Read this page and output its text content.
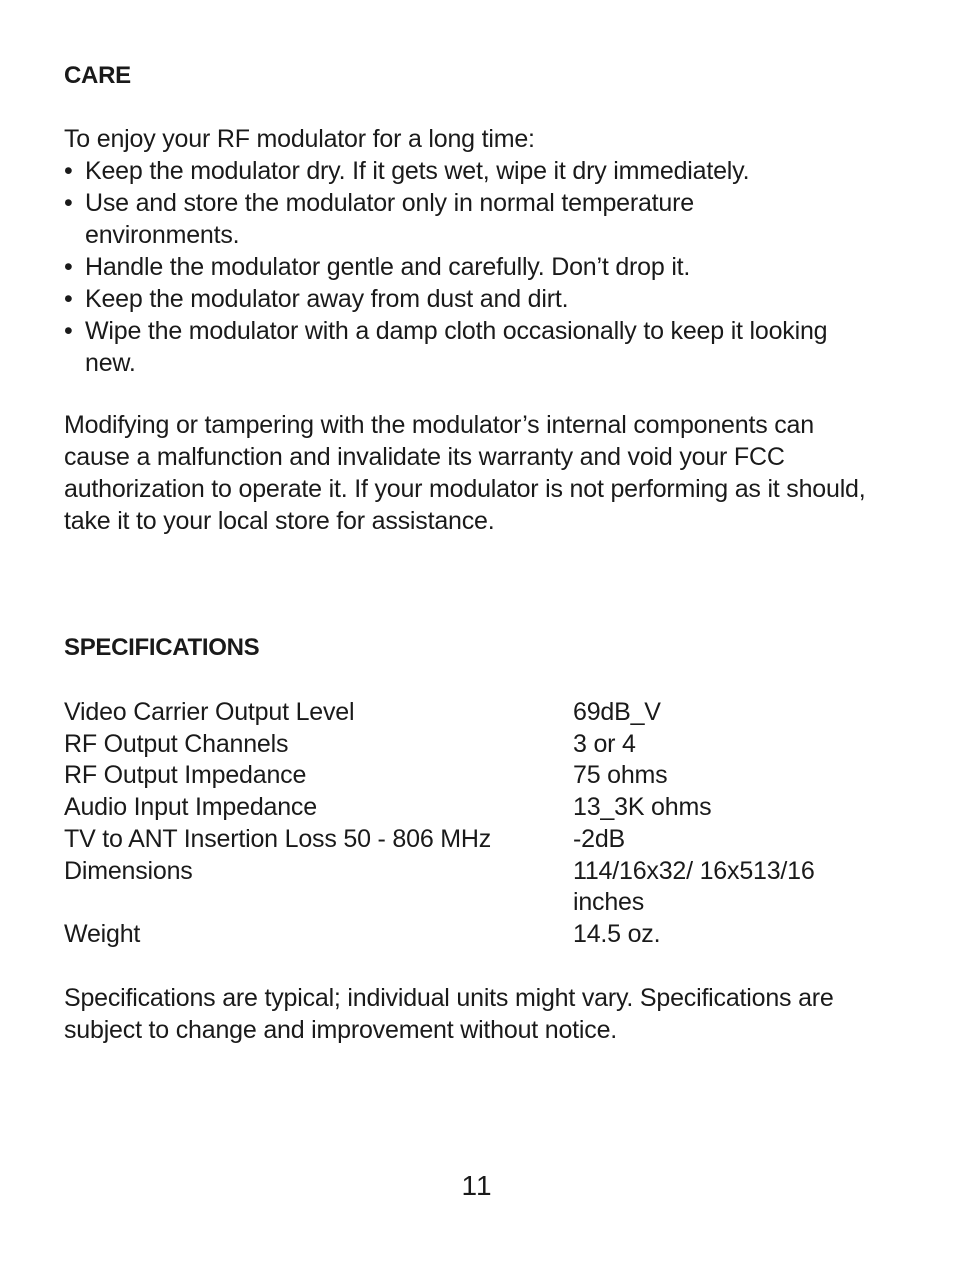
CARE
To enjoy your RF modulator for a long time:
• Keep the modulator dry. If it gets wet, wipe it dry immediately.
• Use and store the modulator only in normal temperature environments.
• Handle the modulator gentle and carefully. Don’t drop it.
• Keep the modulator away from dust and dirt.
• Wipe the modulator with a damp cloth occasionally to keep it looking new.

Modifying or tampering with the modulator’s internal components can cause a malfunction and invalidate its warranty and void your FCC authorization to operate it. If your modulator is not performing as it should, take it to your local store for assistance.

SPECIFICATIONS
Video Carrier Output Level	69dB_V
RF Output Channels	3 or 4
RF Output Impedance	75 ohms
Audio Input Impedance	13_3K ohms
TV to ANT Insertion Loss 50 - 806 MHz	-2dB
Dimensions	114/16x32/ 16x513/16 inches
Weight	14.5 oz.

Specifications are typical; individual units might vary. Specifications are subject to change and improvement without notice.

11
